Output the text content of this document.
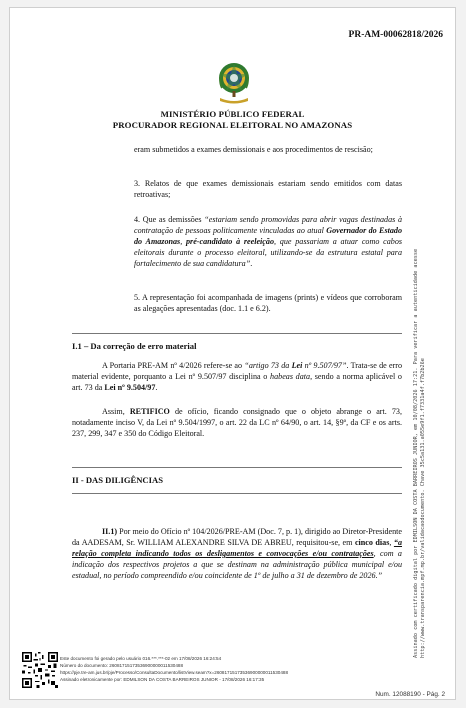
PR-AM-00062818/2026
MINISTÉRIO PÚBLICO FEDERAL
PROCURADOR REGIONAL ELEITORAL NO AMAZONAS
eram submetidos a exames demissionais e aos procedimentos de rescisão;
3. Relatos de que exames demissionais estariam sendo emitidos com datas retroativas;
4. Que as demissões “estariam sendo promovidas para abrir vagas destinadas à contratação de pessoas politicamente vinculadas ao atual Governador do Estado do Amazonas, pré-candidato à reeleição, que passariam a atuar como cabos eleitorais durante o processo eleitoral, utilizando-se da estrutura estatal para fortalecimento de sua candidatura”.
5. A representação foi acompanhada de imagens (prints) e vídeos que corroboram as alegações apresentadas (doc. 1.1 e 6.2).
I.1 – Da correção de erro material
A Portaria PRE-AM nº 4/2026 refere-se ao “artigo 73 da Lei nº 9.507/97”. Trata-se de erro material evidente, porquanto a Lei nº 9.507/97 disciplina o habeas data, sendo a norma aplicável o art. 73 da Lei nº 9.504/97.
Assim, RETIFICO de ofício, ficando consignado que o objeto abrange o art. 73, notadamente inciso V, da Lei nº 9.504/1997, o art. 22 da LC nº 64/90, o art. 14, §9º, da CF e os arts. 237, 299, 347 e 350 do Código Eleitoral.
II - DAS DILIGÊNCIAS
II.1) Por meio do Ofício nº 104/2026/PRE-AM (Doc. 7, p. 1), dirigido ao Diretor-Presidente da AADESAM, Sr. WILLIAM ALEXANDRE SILVA DE ABREU, requisitou-se, em cinco dias, “a relação completa indicando todos os desligamentos e convocações e/ou contratações, com a indicação dos respectivos projetos a que se destinam na administração pública municipal e/ou estadual, no período compreendido e/ou coincidente de 1º de julho a 31 de dezembro de 2026.”	Assinado com certificado digital por EDMILSON DA COSTA BARREIROS JUNIOR, em 10/08/2026 17:21. Para verificar a autenticidade acesse
http://www.transparencia.mpf.mp.br/validacaodocumento. Chave 35c5a131.a055e9f1.f7331a4f.f7b2b26e
Este documento foi gerado pelo usuário 016.***.***-02 em 17/08/2026 16:24:54
Número do documento: 26081715173536900000011530488
https://pje.tre-am.jus.br/pje/Processo/ConsultaDocumento/listView.seam?x=26081715173536900000011530488
Assinado eletronicamente por: EDMILSON DA COSTA BARREIROS JUNIOR - 17/08/2026 16:17:35
Num. 12088190 - Pág. 2
